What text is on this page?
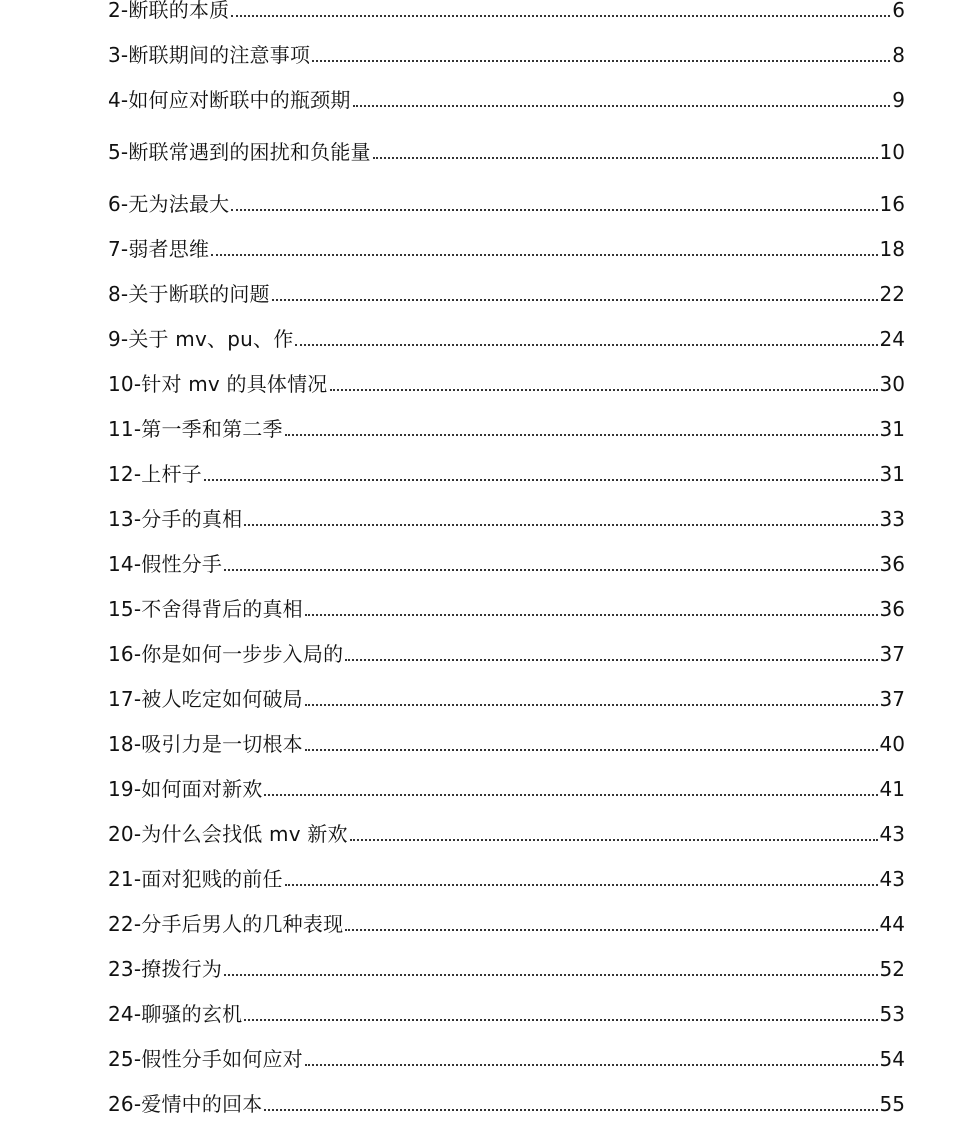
2-断联的本质	6
3-断联期间的注意事项	8
4-如何应对断联中的瓶颈期	9
5-断联常遇到的困扰和负能量	10
6-无为法最大	16
7-弱者思维	18
8-关于断联的问题	22
9-关于 mv、pu、作	24
10-针对 mv 的具体情况	30
11-第一季和第二季	31
12-上杆子	31
13-分手的真相	33
14-假性分手	36
15-不舍得背后的真相	36
16-你是如何一步步入局的	37
17-被人吃定如何破局	37
18-吸引力是一切根本	40
19-如何面对新欢	41
20-为什么会找低 mv 新欢	43
21-面对犯贱的前任	43
22-分手后男人的几种表现	44
23-撩拨行为	52
24-聊骚的玄机	53
25-假性分手如何应对	54
26-爱情中的回本	55
